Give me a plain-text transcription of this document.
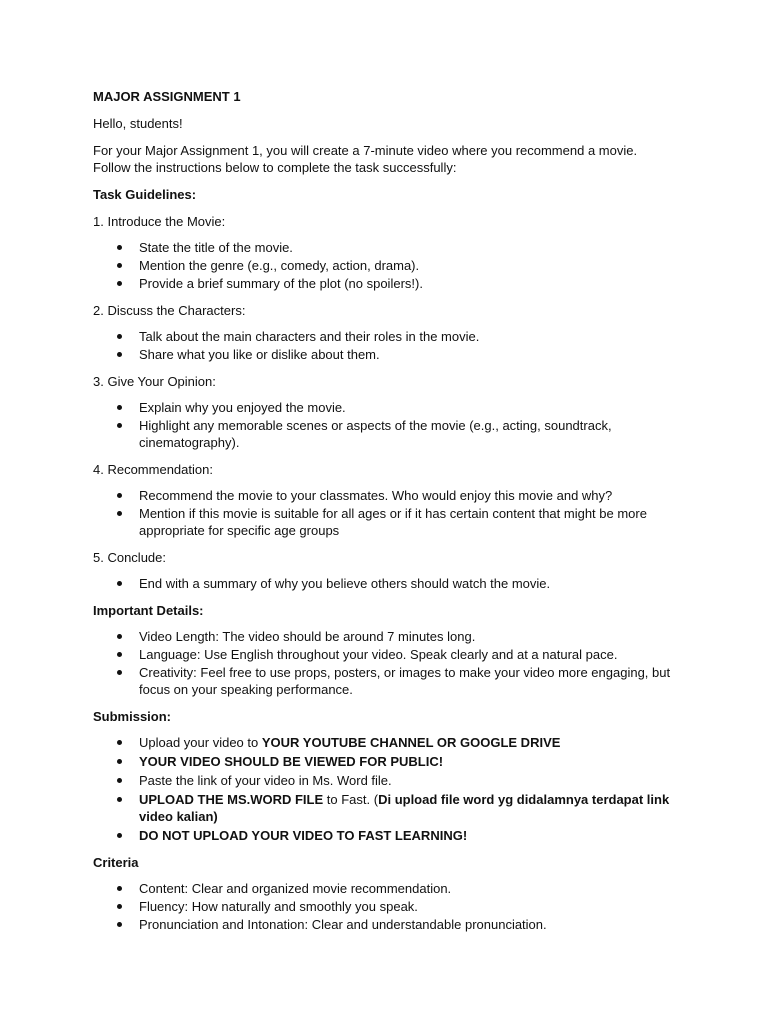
MAJOR ASSIGNMENT 1

Hello, students!

For your Major Assignment 1, you will create a 7-minute video where you recommend a movie.
Follow the instructions below to complete the task successfully:

Task Guidelines:

1. Introduce the Movie:

State the title of the movie.
Mention the genre (e.g., comedy, action, drama).
Provide a brief summary of the plot (no spoilers!).

2. Discuss the Characters:

Talk about the main characters and their roles in the movie.
Share what you like or dislike about them.

3. Give Your Opinion:

Explain why you enjoyed the movie.
Highlight any memorable scenes or aspects of the movie (e.g., acting, soundtrack, cinematography).

4. Recommendation:

Recommend the movie to your classmates. Who would enjoy this movie and why?
Mention if this movie is suitable for all ages or if it has certain content that might be more appropriate for specific age groups

5. Conclude:

End with a summary of why you believe others should watch the movie.

Important Details:

Video Length: The video should be around 7 minutes long.
Language: Use English throughout your video. Speak clearly and at a natural pace.
Creativity: Feel free to use props, posters, or images to make your video more engaging, but focus on your speaking performance.

Submission:

Upload your video to YOUR YOUTUBE CHANNEL OR GOOGLE DRIVE
YOUR VIDEO SHOULD BE VIEWED FOR PUBLIC!
Paste the link of your video in Ms. Word file.
UPLOAD THE MS.WORD FILE to Fast. (Di upload file word yg didalamnya terdapat link video kalian)
DO NOT UPLOAD YOUR VIDEO TO FAST LEARNING!

Criteria

Content: Clear and organized movie recommendation.
Fluency: How naturally and smoothly you speak.
Pronunciation and Intonation: Clear and understandable pronunciation.
